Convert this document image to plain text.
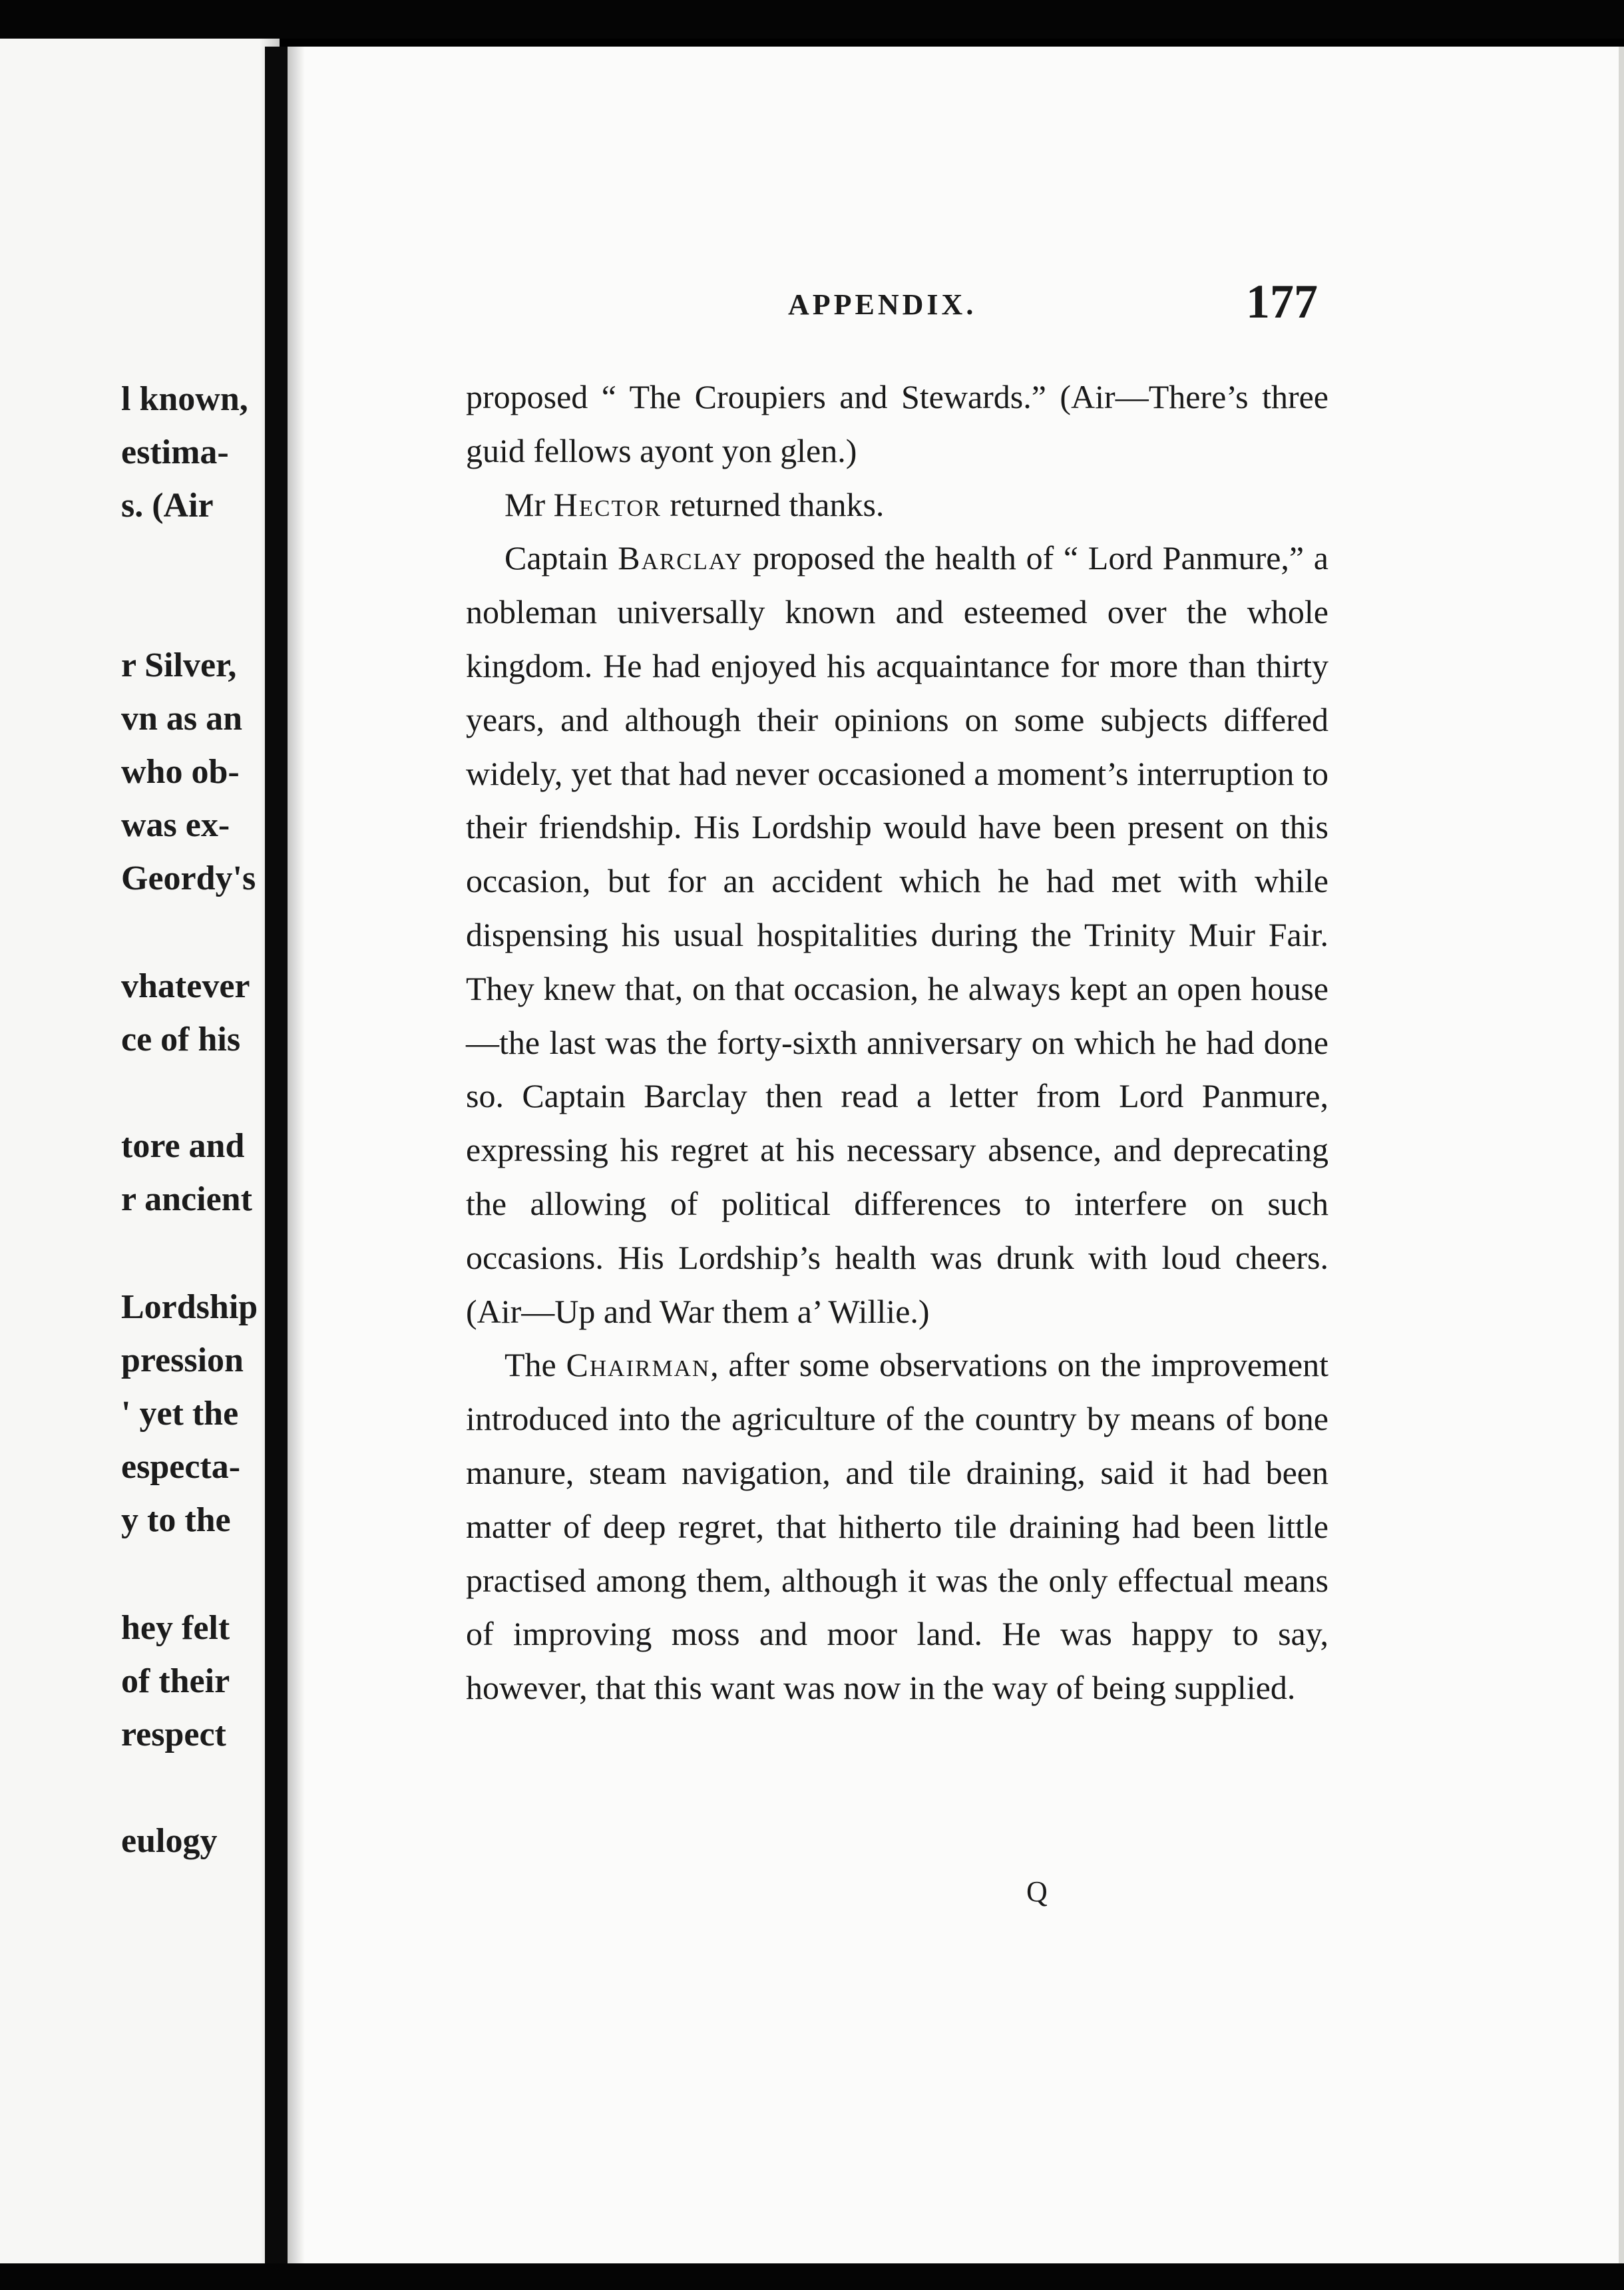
l known,
estima-
s. (Air
r Silver,
vn as an
who ob-
was ex-
Geordy's
vhatever
ce of his
tore and
r ancient
Lordship
pression
' yet the
especta-
y to the
hey felt
of their
respect
eulogy
APPENDIX.	177

proposed “ The Croupiers and Stewards.” (Air—There’s three guid fellows ayont yon glen.)

Mr Hector returned thanks.

Captain Barclay proposed the health of “ Lord Panmure,” a nobleman universally known and esteemed over the whole kingdom. He had enjoyed his acquaintance for more than thirty years, and although their opinions on some subjects differed widely, yet that had never occasioned a moment’s interruption to their friendship. His Lordship would have been present on this occasion, but for an accident which he had met with while dispensing his usual hospitalities during the Trinity Muir Fair. They knew that, on that occasion, he always kept an open house—the last was the forty-sixth anniversary on which he had done so. Captain Barclay then read a letter from Lord Panmure, expressing his regret at his necessary absence, and deprecating the allowing of political differences to interfere on such occasions. His Lordship’s health was drunk with loud cheers. (Air—Up and War them a’ Willie.)

The Chairman, after some observations on the improvement introduced into the agriculture of the country by means of bone manure, steam navigation, and tile draining, said it had been matter of deep regret, that hitherto tile draining had been little practised among them, although it was the only effectual means of improving moss and moor land. He was happy to say, however, that this want was now in the way of being supplied.

Q
